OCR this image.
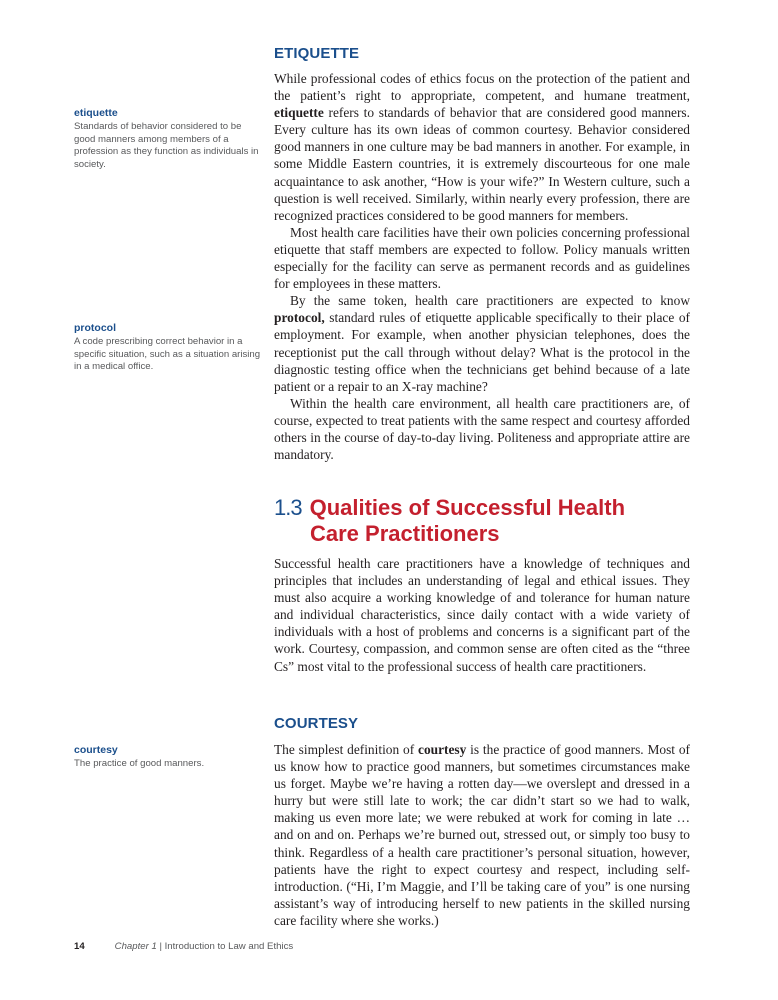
ETIQUETTE

While professional codes of ethics focus on the protection of the patient and the patient’s right to appropriate, competent, and humane treatment, etiquette refers to standards of behavior that are considered good manners. Every culture has its own ideas of common courtesy. Behavior considered good manners in one culture may be bad manners in another. For example, in some Middle Eastern countries, it is extremely discourteous for one male acquaintance to ask another, “How is your wife?” In Western culture, such a question is well received. Similarly, within nearly every profession, there are recognized practices considered to be good manners for members.

Most health care facilities have their own policies concerning professional etiquette that staff members are expected to follow. Policy manuals written especially for the facility can serve as permanent records and as guidelines for employees in these matters.

By the same token, health care practitioners are expected to know protocol, standard rules of etiquette applicable specifically to their place of employment. For example, when another physician telephones, does the receptionist put the call through without delay? What is the protocol in the diagnostic testing office when the technicians get behind because of a late patient or a repair to an X-ray machine?

Within the health care environment, all health care practitioners are, of course, expected to treat patients with the same respect and courtesy afforded others in the course of day-to-day living. Politeness and appropriate attire are mandatory.

1.3 Qualities of Successful Health
Care Practitioners

Successful health care practitioners have a knowledge of techniques and principles that includes an understanding of legal and ethical issues. They must also acquire a working knowledge of and tolerance for human nature and individual characteristics, since daily contact with a wide variety of individuals with a host of problems and concerns is a significant part of the work. Courtesy, compassion, and common sense are often cited as the “three Cs” most vital to the professional success of health care practitioners.

COURTESY

The simplest definition of courtesy is the practice of good manners. Most of us know how to practice good manners, but sometimes circumstances make us forget. Maybe we’re having a rotten day—we overslept and dressed in a hurry but were still late to work; the car didn’t start so we had to walk, making us even more late; we were rebuked at work for coming in late … and on and on. Perhaps we’re burned out, stressed out, or simply too busy to think. Regardless of a health care practitioner’s personal situation, however, patients have the right to expect courtesy and respect, including self-introduction. (“Hi, I’m Maggie, and I’ll be taking care of you” is one nursing assistant’s way of introducing herself to new patients in the skilled nursing care facility where she works.)

etiquette
Standards of behavior considered to be good manners among members of a profession as they function as individuals in society.
protocol
A code prescribing correct behavior in a specific situation, such as a situation arising in a medical office.
courtesy
The practice of good manners.
14	Chapter 1 | Introduction to Law and Ethics
